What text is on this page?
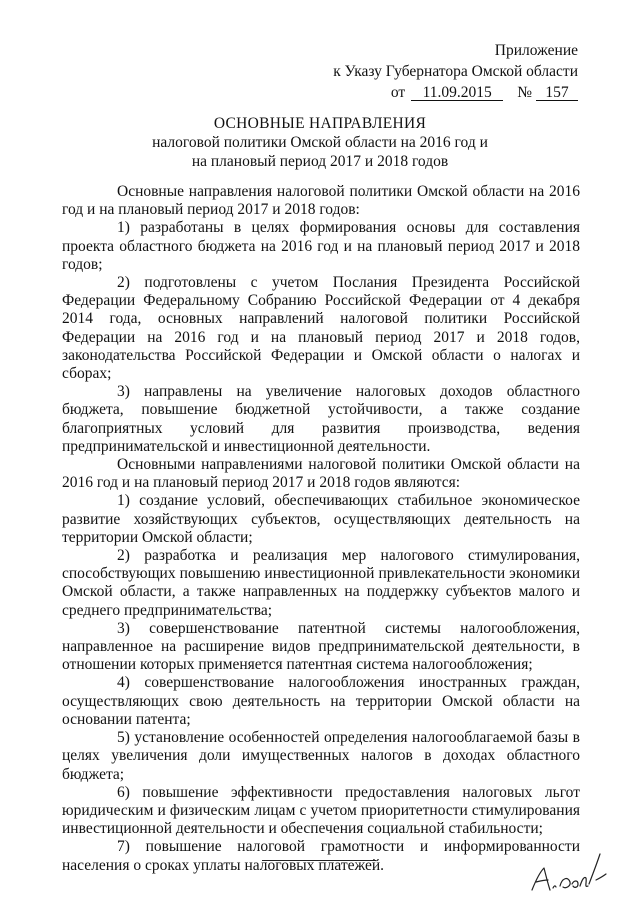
Приложение
к Указу Губернатора Омской области
от 11.09.2015 № 157
ОСНОВНЫЕ НАПРАВЛЕНИЯ
налоговой политики Омской области на 2016 год и
на плановый период 2017 и 2018 годов

Основные направления налоговой политики Омской области на 2016 год и на плановый период 2017 и 2018 годов:

1) разработаны в целях формирования основы для составления проекта областного бюджета на 2016 год и на плановый период 2017 и 2018 годов;

2) подготовлены с учетом Послания Президента Российской Федерации Федеральному Собранию Российской Федерации от 4 декабря 2014 года, основных направлений налоговой политики Российской Федерации на 2016 год и на плановый период 2017 и 2018 годов, законодательства Российской Федерации и Омской области о налогах и сборах;

3) направлены на увеличение налоговых доходов областного бюджета, повышение бюджетной устойчивости, а также создание благоприятных условий для развития производства, ведения предпринимательской и инвестиционной деятельности.

Основными направлениями налоговой политики Омской области на 2016 год и на плановый период 2017 и 2018 годов являются:

1) создание условий, обеспечивающих стабильное экономическое развитие хозяйствующих субъектов, осуществляющих деятельность на территории Омской области;

2) разработка и реализация мер налогового стимулирования, способствующих повышению инвестиционной привлекательности экономики Омской области, а также направленных на поддержку субъектов малого и среднего предпринимательства;

3) совершенствование патентной системы налогообложения, направленное на расширение видов предпринимательской деятельности, в отношении которых применяется патентная система налогообложения;

4) совершенствование налогообложения иностранных граждан, осуществляющих свою деятельность на территории Омской области на основании патента;

5) установление особенностей определения налогооблагаемой базы в целях увеличения доли имущественных налогов в доходах областного бюджета;

6) повышение эффективности предоставления налоговых льгот юридическим и физическим лицам с учетом приоритетности стимулирования инвестиционной деятельности и обеспечения социальной стабильности;

7) повышение налоговой грамотности и информированности населения о сроках уплаты налоговых платежей.
